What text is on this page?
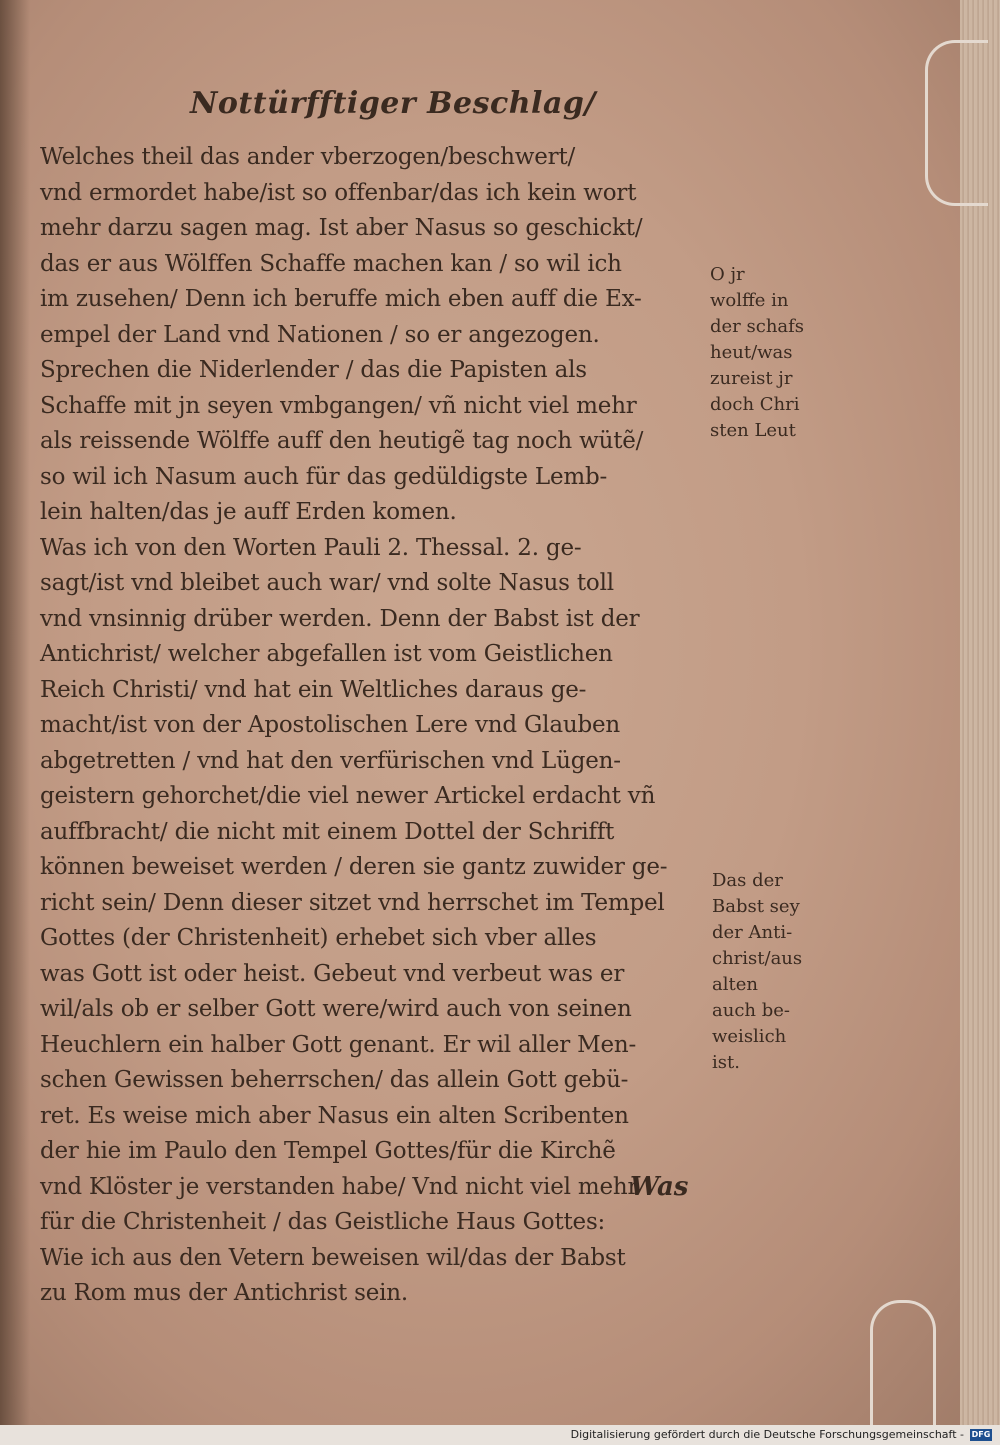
Nottürfftiger Beschlag/
Welches theil das ander vberzogen/beschwert/
vnd ermordet habe/ist so offenbar/das ich kein wort
mehr darzu sagen mag. Ist aber Nasus so geschickt/
das er aus Wölffen Schaffe machen kan / so wil ich
im zusehen/ Denn ich beruffe mich eben auff die Ex-
empel der Land vnd Nationen / so er angezogen.
Sprechen die Niderlender / das die Papisten als
Schaffe mit jn seyen vmbgangen/ vñ nicht viel mehr
als reissende Wölffe auff den heutigẽ tag noch wütẽ/
so wil ich Nasum auch für das gedüldigste Lemb-
lein halten/das je auff Erden komen.
Was ich von den Worten Pauli 2. Thessal. 2. ge-
sagt/ist vnd bleibet auch war/ vnd solte Nasus toll
vnd vnsinnig drüber werden. Denn der Babst ist der
Antichrist/ welcher abgefallen ist vom Geistlichen
Reich Christi/ vnd hat ein Weltliches daraus ge-
macht/ist von der Apostolischen Lere vnd Glauben
abgetretten / vnd hat den verfürischen vnd Lügen-
geistern gehorchet/die viel newer Artickel erdacht vñ
auffbracht/ die nicht mit einem Dottel der Schrifft
können beweiset werden / deren sie gantz zuwider ge-
richt sein/ Denn dieser sitzet vnd herrschet im Tempel
Gottes (der Christenheit) erhebet sich vber alles
was Gott ist oder heist. Gebeut vnd verbeut was er
wil/als ob er selber Gott were/wird auch von seinen
Heuchlern ein halber Gott genant. Er wil aller Men-
schen Gewissen beherrschen/ das allein Gott gebü-
ret. Es weise mich aber Nasus ein alten Scribenten
der hie im Paulo den Tempel Gottes/für die Kirchẽ
vnd Klöster je verstanden habe/ Vnd nicht viel mehr
für die Christenheit / das Geistliche Haus Gottes:
Wie ich aus den Vetern beweisen wil/das der Babst
zu Rom mus der Antichrist sein.
O jr
wolffe in
der schafs
heut/was
zureist jr
doch Chri
sten Leut
Das der
Babst sey
der Anti-
christ/aus
alten
auch be-
weislich
ist.
Was
Digitalisierung gefördert durch die Deutsche Forschungsgemeinschaft - DFG
